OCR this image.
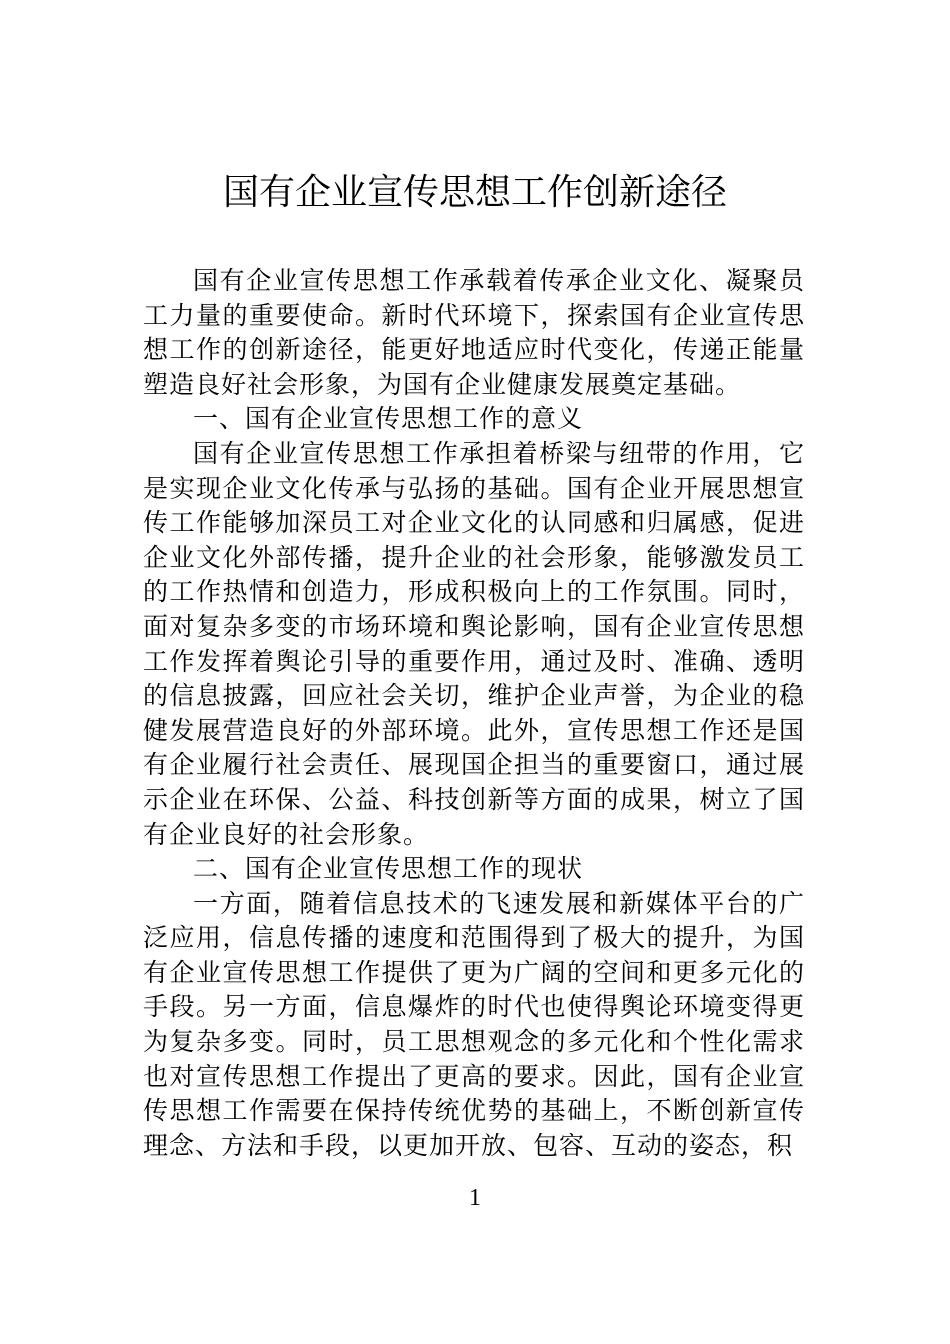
国有企业宣传思想工作创新途径

国有企业宣传思想工作承载着传承企业文化、凝聚员工力量的重要使命。新时代环境下，探索国有企业宣传思想工作的创新途径，能更好地适应时代变化，传递正能量塑造良好社会形象，为国有企业健康发展奠定基础。

一、国有企业宣传思想工作的意义

国有企业宣传思想工作承担着桥梁与纽带的作用，它是实现企业文化传承与弘扬的基础。国有企业开展思想宣传工作能够加深员工对企业文化的认同感和归属感，促进企业文化外部传播，提升企业的社会形象，能够激发员工的工作热情和创造力，形成积极向上的工作氛围。同时，面对复杂多变的市场环境和舆论影响，国有企业宣传思想工作发挥着舆论引导的重要作用，通过及时、准确、透明的信息披露，回应社会关切，维护企业声誉，为企业的稳健发展营造良好的外部环境。此外，宣传思想工作还是国有企业履行社会责任、展现国企担当的重要窗口，通过展示企业在环保、公益、科技创新等方面的成果，树立了国有企业良好的社会形象。

二、国有企业宣传思想工作的现状

一方面，随着信息技术的飞速发展和新媒体平台的广泛应用，信息传播的速度和范围得到了极大的提升，为国有企业宣传思想工作提供了更为广阔的空间和更多元化的手段。另一方面，信息爆炸的时代也使得舆论环境变得更为复杂多变。同时，员工思想观念的多元化和个性化需求也对宣传思想工作提出了更高的要求。因此，国有企业宣传思想工作需要在保持传统优势的基础上，不断创新宣传理念、方法和手段，以更加开放、包容、互动的姿态，积

1
